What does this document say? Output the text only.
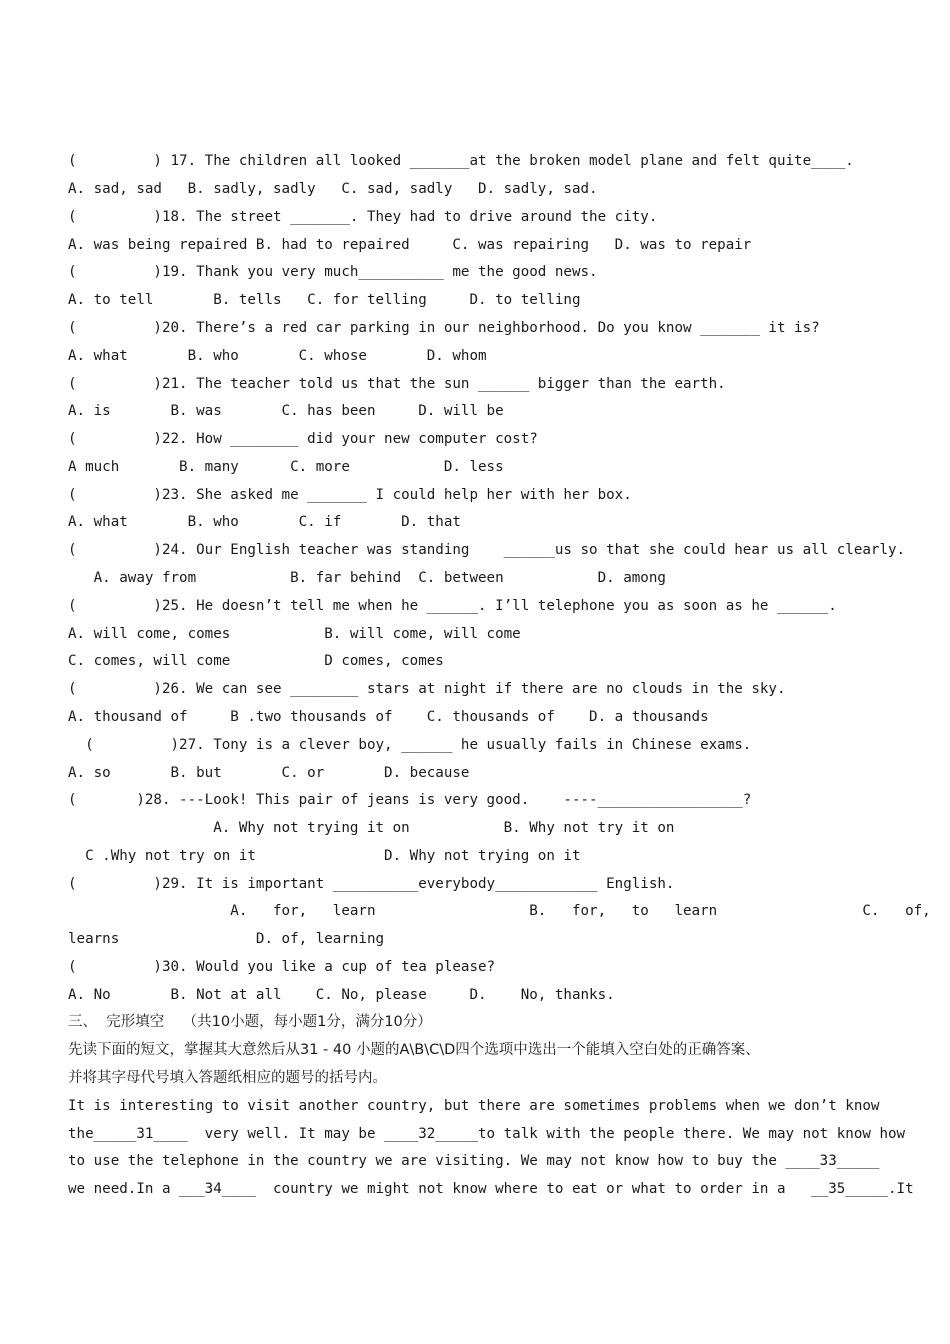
(         ) 17. The children all looked _______at the broken model plane and felt quite____.
A. sad, sad   B. sadly, sadly   C. sad, sadly   D. sadly, sad.
(         )18. The street _______. They had to drive around the city.
A. was being repaired B. had to repaired     C. was repairing   D. was to repair
(         )19. Thank you very much__________ me the good news.
A. to tell       B. tells   C. for telling     D. to telling
(         )20. There’s a red car parking in our neighborhood. Do you know _______ it is?
A. what       B. who       C. whose       D. whom
(         )21. The teacher told us that the sun ______ bigger than the earth.
A. is       B. was       C. has been     D. will be
(         )22. How ________ did your new computer cost?
A much       B. many      C. more           D. less
(         )23. She asked me _______ I could help her with her box.
A. what       B. who       C. if       D. that
(         )24. Our English teacher was standing    ______us so that she could hear us all clearly.
A. away from           B. far behind  C. between           D. among
(         )25. He doesn’t tell me when he ______. I’ll telephone you as soon as he ______.
A. will come, comes           B. will come, will come
C. comes, will come           D comes, comes
(         )26. We can see ________ stars at night if there are no clouds in the sky.
A. thousand of     B .two thousands of    C. thousands of    D. a thousands
(         )27. Tony is a clever boy, ______ he usually fails in Chinese exams.
A. so       B. but       C. or       D. because
(       )28. ---Look! This pair of jeans is very good.    ----_________________?
A. Why not trying it on           B. Why not try it on
C .Why not try on it               D. Why not trying on it
(         )29. It is important __________everybody____________ English.
A.   for,   learn                  B.   for,   to   learn                 C.   of,
learns                D. of, learning
(         )30. Would you like a cup of tea please?
A. No       B. Not at all    C. No, please     D.    No, thanks.
三、  完形填空    （共10小题，每小题1分，满分10分）
先读下面的短文，掌握其大意然后从31 - 40 小题的A\B\C\D四个选项中选出一个能填入空白处的正确答案、
并将其字母代号填入答题纸相应的题号的括号内。
It is interesting to visit another country, but there are sometimes problems when we don’t know
the_____31____  very well. It may be ____32_____to talk with the people there. We may not know how
to use the telephone in the country we are visiting. We may not know how to buy the ____33_____
we need.In a ___34____  country we might not know where to eat or what to order in a   __35_____.It
